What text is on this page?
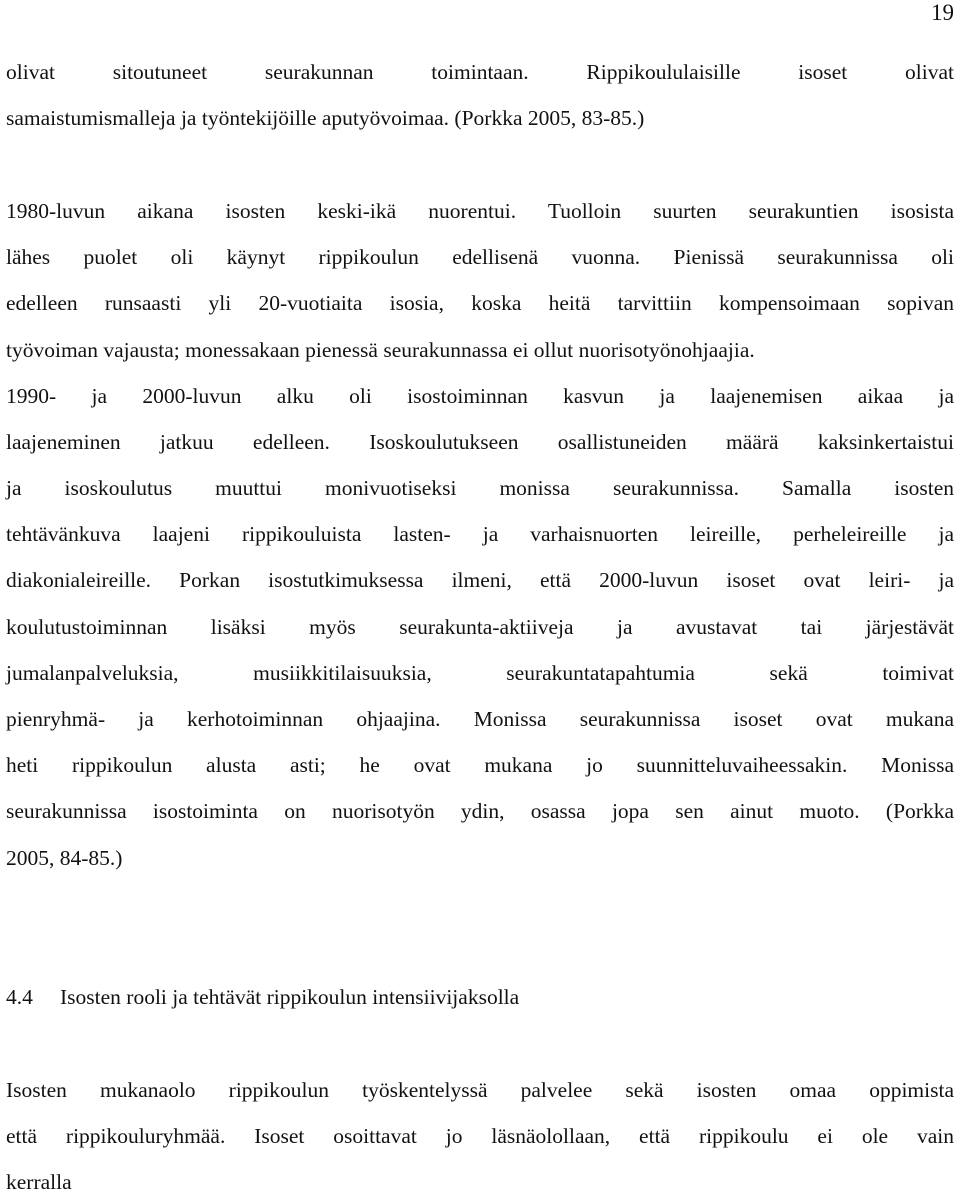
19
olivat sitoutuneet seurakunnan toimintaan. Rippikoululaisille isoset olivat
samaistumismalleja ja työntekijöille aputyövoimaa. (Porkka 2005, 83-85.)
1980-luvun aikana isosten keski-ikä nuorentui. Tuolloin suurten seurakuntien isosista
lähes puolet oli käynyt rippikoulun edellisenä vuonna. Pienissä seurakunnissa oli
edelleen runsaasti yli 20-vuotiaita isosia, koska heitä tarvittiin kompensoimaan sopivan
työvoiman vajausta; monessakaan pienessä seurakunnassa ei ollut nuorisotyönohjaajia.
1990- ja 2000-luvun alku oli isostoiminnan kasvun ja laajenemisen aikaa ja
laajeneminen jatkuu edelleen. Isoskoulutukseen osallistuneiden määrä kaksinkertaistui
ja isoskoulutus muuttui monivuotiseksi monissa seurakunnissa. Samalla isosten
tehtävänkuva laajeni rippikouluista lasten- ja varhaisnuorten leireille, perheleireille ja
diakonialeireille. Porkan isostutkimuksessa ilmeni, että 2000-luvun isoset ovat leiri- ja
koulutustoiminnan lisäksi myös seurakunta-aktiiveja ja avustavat tai järjestävät
jumalanpalveluksia, musiikkitilaisuuksia, seurakuntatapahtumia sekä toimivat
pienryhmä- ja kerhotoiminnan ohjaajina. Monissa seurakunnissa isoset ovat mukana
heti rippikoulun alusta asti; he ovat mukana jo suunnitteluvaiheessakin. Monissa
seurakunnissa isostoiminta on nuorisotyön ydin, osassa jopa sen ainut muoto. (Porkka
2005, 84-85.)
4.4 Isosten rooli ja tehtävät rippikoulun intensiivijaksolla
Isosten mukanaolo rippikoulun työskentelyssä palvelee sekä isosten omaa oppimista
että rippikouluryhmää. Isoset osoittavat jo läsnäolollaan, että rippikoulu ei ole vain
kerralla
